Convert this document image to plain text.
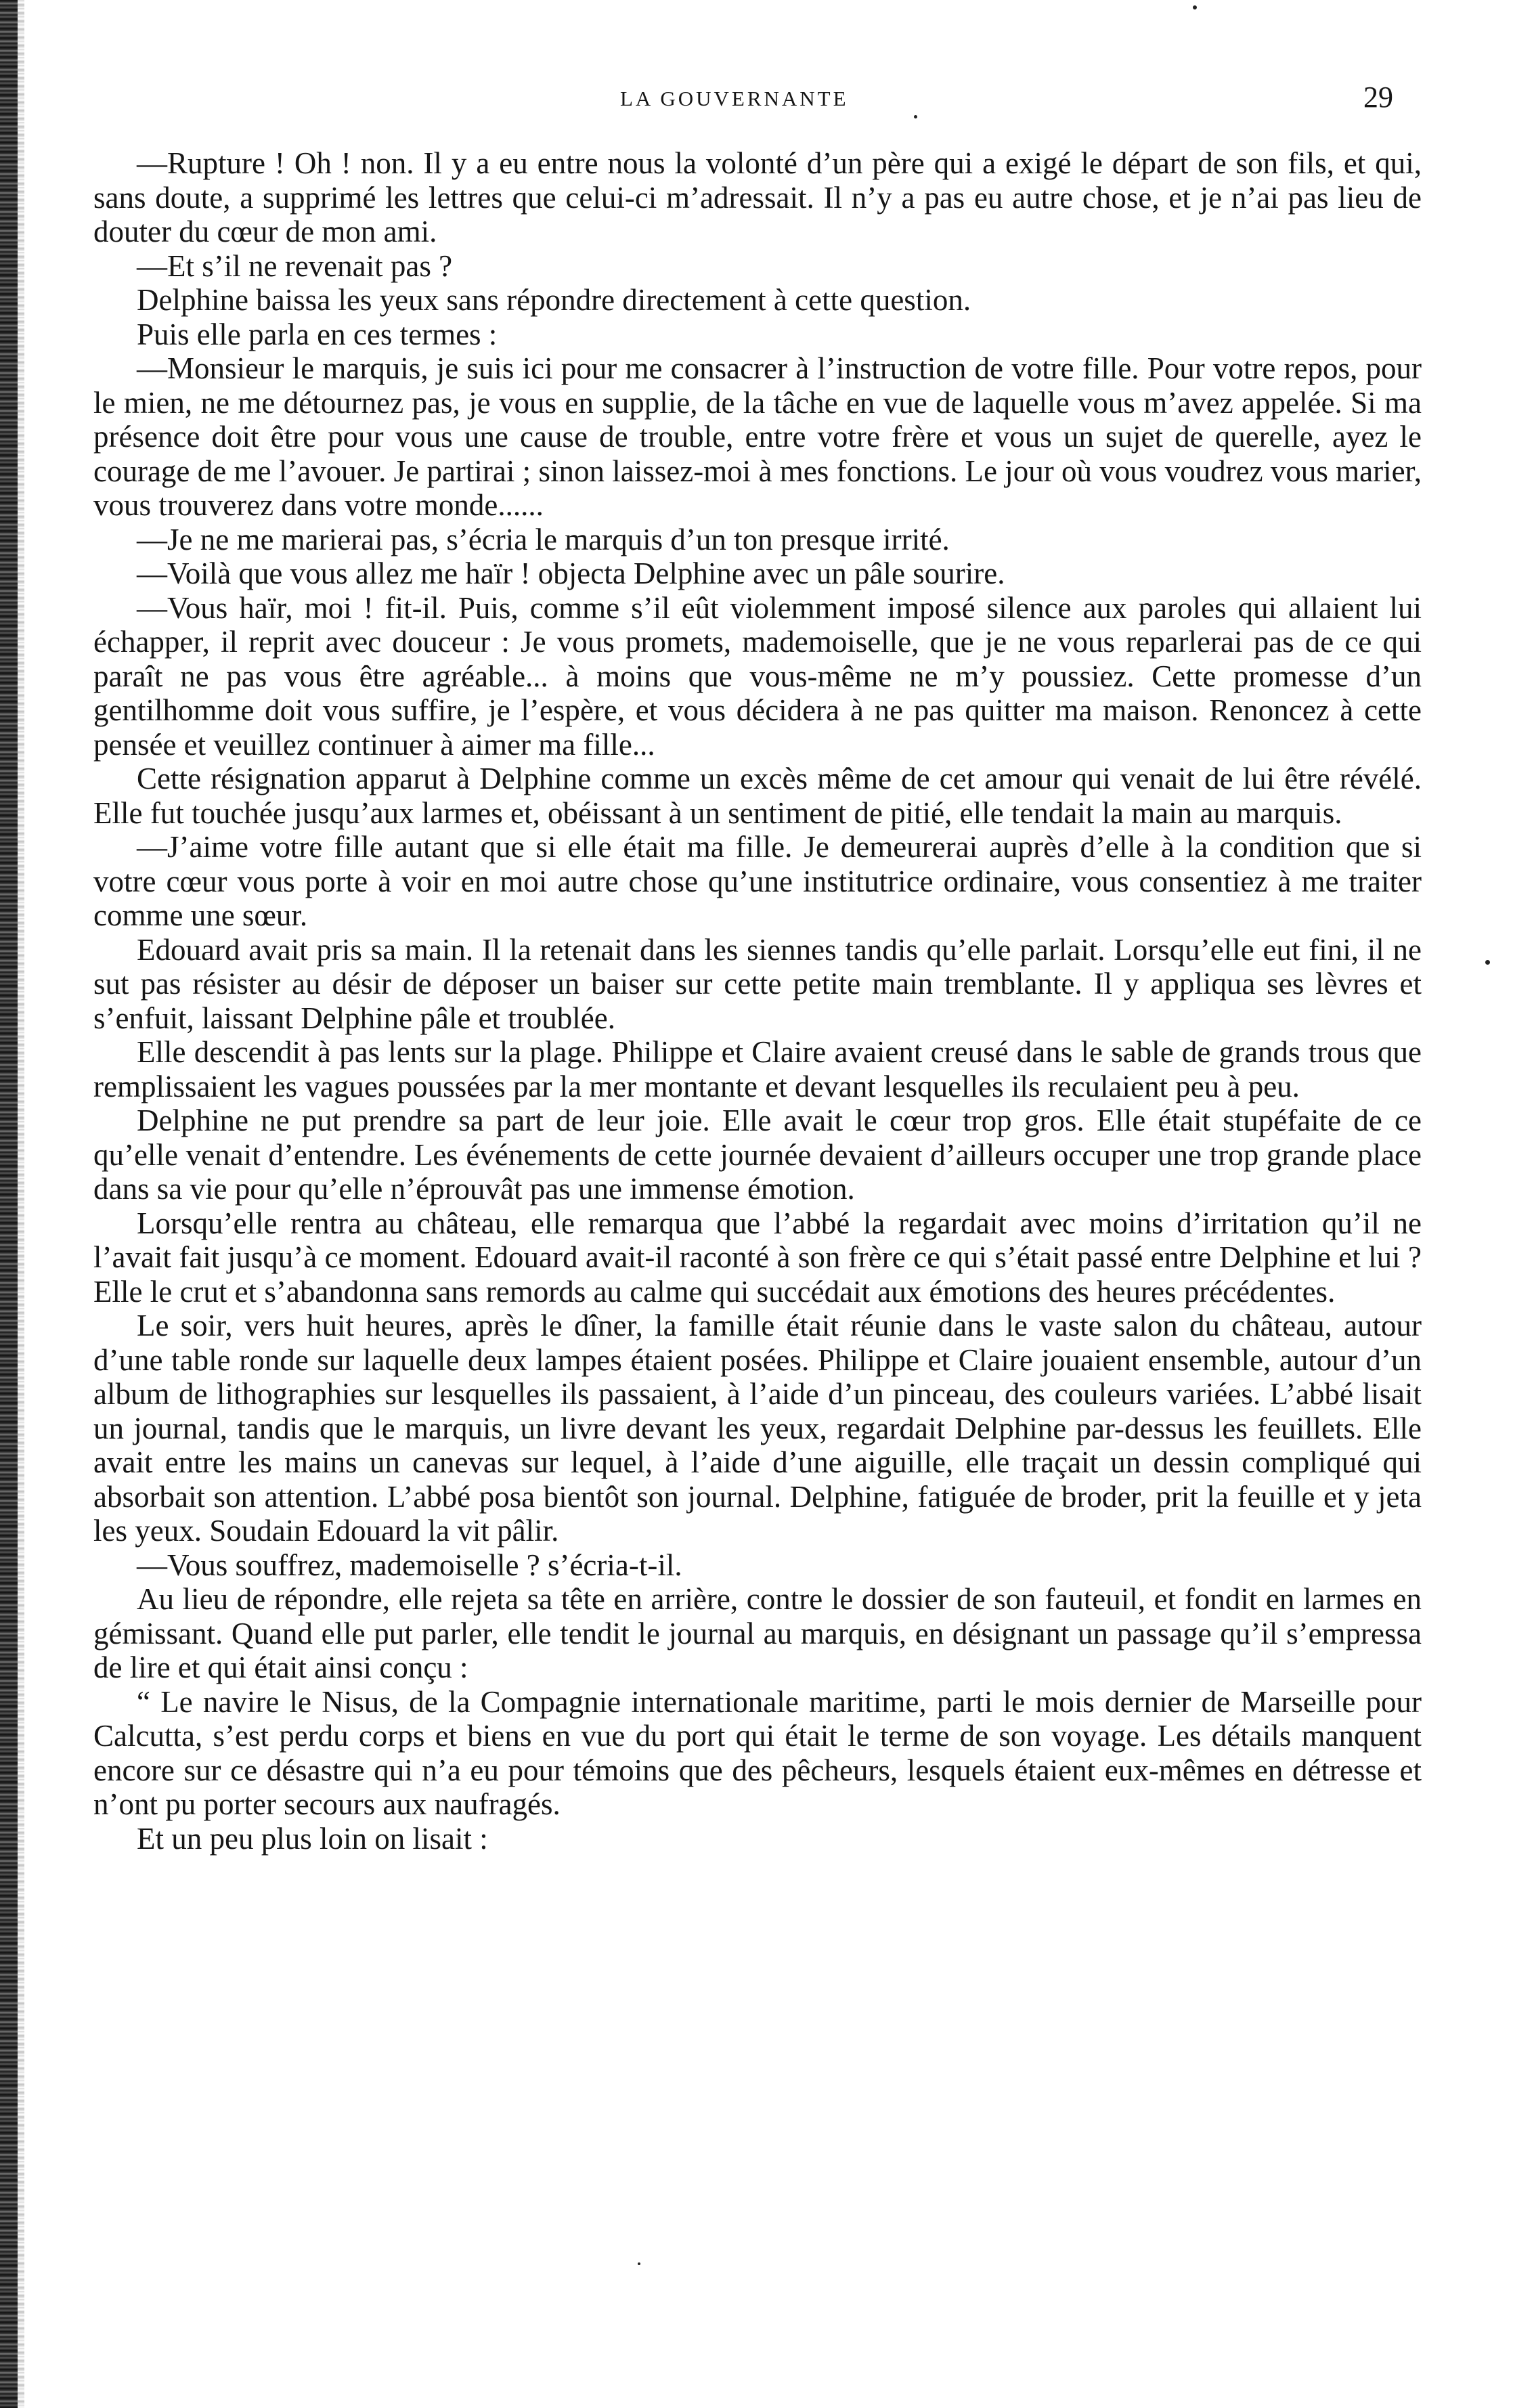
LA GOUVERNANTE	29

—Rupture ! Oh ! non. Il y a eu entre nous la volonté d’un père qui a exigé le départ de son fils, et qui, sans doute, a supprimé les lettres que celui-ci m’adressait. Il n’y a pas eu autre chose, et je n’ai pas lieu de douter du cœur de mon ami.

—Et s’il ne revenait pas ?

Delphine baissa les yeux sans répondre directement à cette question.

Puis elle parla en ces termes :

—Monsieur le marquis, je suis ici pour me consacrer à l’instruction de votre fille. Pour votre repos, pour le mien, ne me détournez pas, je vous en supplie, de la tâche en vue de laquelle vous m’avez appelée. Si ma présence doit être pour vous une cause de trouble, entre votre frère et vous un sujet de querelle, ayez le courage de me l’avouer. Je partirai ; sinon laissez-moi à mes fonctions. Le jour où vous voudrez vous marier, vous trouverez dans votre monde......

—Je ne me marierai pas, s’écria le marquis d’un ton presque irrité.

—Voilà que vous allez me haïr ! objecta Delphine avec un pâle sourire.

—Vous haïr, moi ! fit-il. Puis, comme s’il eût violemment imposé silence aux paroles qui allaient lui échapper, il reprit avec douceur : Je vous promets, mademoiselle, que je ne vous reparlerai pas de ce qui paraît ne pas vous être agréable... à moins que vous-même ne m’y poussiez. Cette promesse d’un gentilhomme doit vous suffire, je l’espère, et vous décidera à ne pas quitter ma maison. Renoncez à cette pensée et veuillez continuer à aimer ma fille...

Cette résignation apparut à Delphine comme un excès même de cet amour qui venait de lui être révélé. Elle fut touchée jusqu’aux larmes et, obéissant à un sentiment de pitié, elle tendait la main au marquis.

—J’aime votre fille autant que si elle était ma fille. Je demeurerai auprès d’elle à la condition que si votre cœur vous porte à voir en moi autre chose qu’une institutrice ordinaire, vous consentiez à me traiter comme une sœur.

Edouard avait pris sa main. Il la retenait dans les siennes tandis qu’elle parlait. Lorsqu’elle eut fini, il ne sut pas résister au désir de déposer un baiser sur cette petite main tremblante. Il y appliqua ses lèvres et s’enfuit, laissant Delphine pâle et troublée.

Elle descendit à pas lents sur la plage. Philippe et Claire avaient creusé dans le sable de grands trous que remplissaient les vagues poussées par la mer montante et devant lesquelles ils reculaient peu à peu.

Delphine ne put prendre sa part de leur joie. Elle avait le cœur trop gros. Elle était stupéfaite de ce qu’elle venait d’entendre. Les événements de cette journée devaient d’ailleurs occuper une trop grande place dans sa vie pour qu’elle n’éprouvât pas une immense émotion.

Lorsqu’elle rentra au château, elle remarqua que l’abbé la regardait avec moins d’irritation qu’il ne l’avait fait jusqu’à ce moment. Edouard avait-il raconté à son frère ce qui s’était passé entre Delphine et lui ? Elle le crut et s’abandonna sans remords au calme qui succédait aux émotions des heures précédentes.

Le soir, vers huit heures, après le dîner, la famille était réunie dans le vaste salon du château, autour d’une table ronde sur laquelle deux lampes étaient posées. Philippe et Claire jouaient ensemble, autour d’un album de lithographies sur lesquelles ils passaient, à l’aide d’un pinceau, des couleurs variées. L’abbé lisait un journal, tandis que le marquis, un livre devant les yeux, regardait Delphine par-dessus les feuillets. Elle avait entre les mains un canevas sur lequel, à l’aide d’une aiguille, elle traçait un dessin compliqué qui absorbait son attention. L’abbé posa bientôt son journal. Delphine, fatiguée de broder, prit la feuille et y jeta les yeux. Soudain Edouard la vit pâlir.

—Vous souffrez, mademoiselle ? s’écria-t-il.

Au lieu de répondre, elle rejeta sa tête en arrière, contre le dossier de son fauteuil, et fondit en larmes en gémissant. Quand elle put parler, elle tendit le journal au marquis, en désignant un passage qu’il s’empressa de lire et qui était ainsi conçu :

“ Le navire le Nisus, de la Compagnie internationale maritime, parti le mois dernier de Marseille pour Calcutta, s’est perdu corps et biens en vue du port qui était le terme de son voyage. Les détails manquent encore sur ce désastre qui n’a eu pour témoins que des pêcheurs, lesquels étaient eux-mêmes en détresse et n’ont pu porter secours aux naufragés.

Et un peu plus loin on lisait :
